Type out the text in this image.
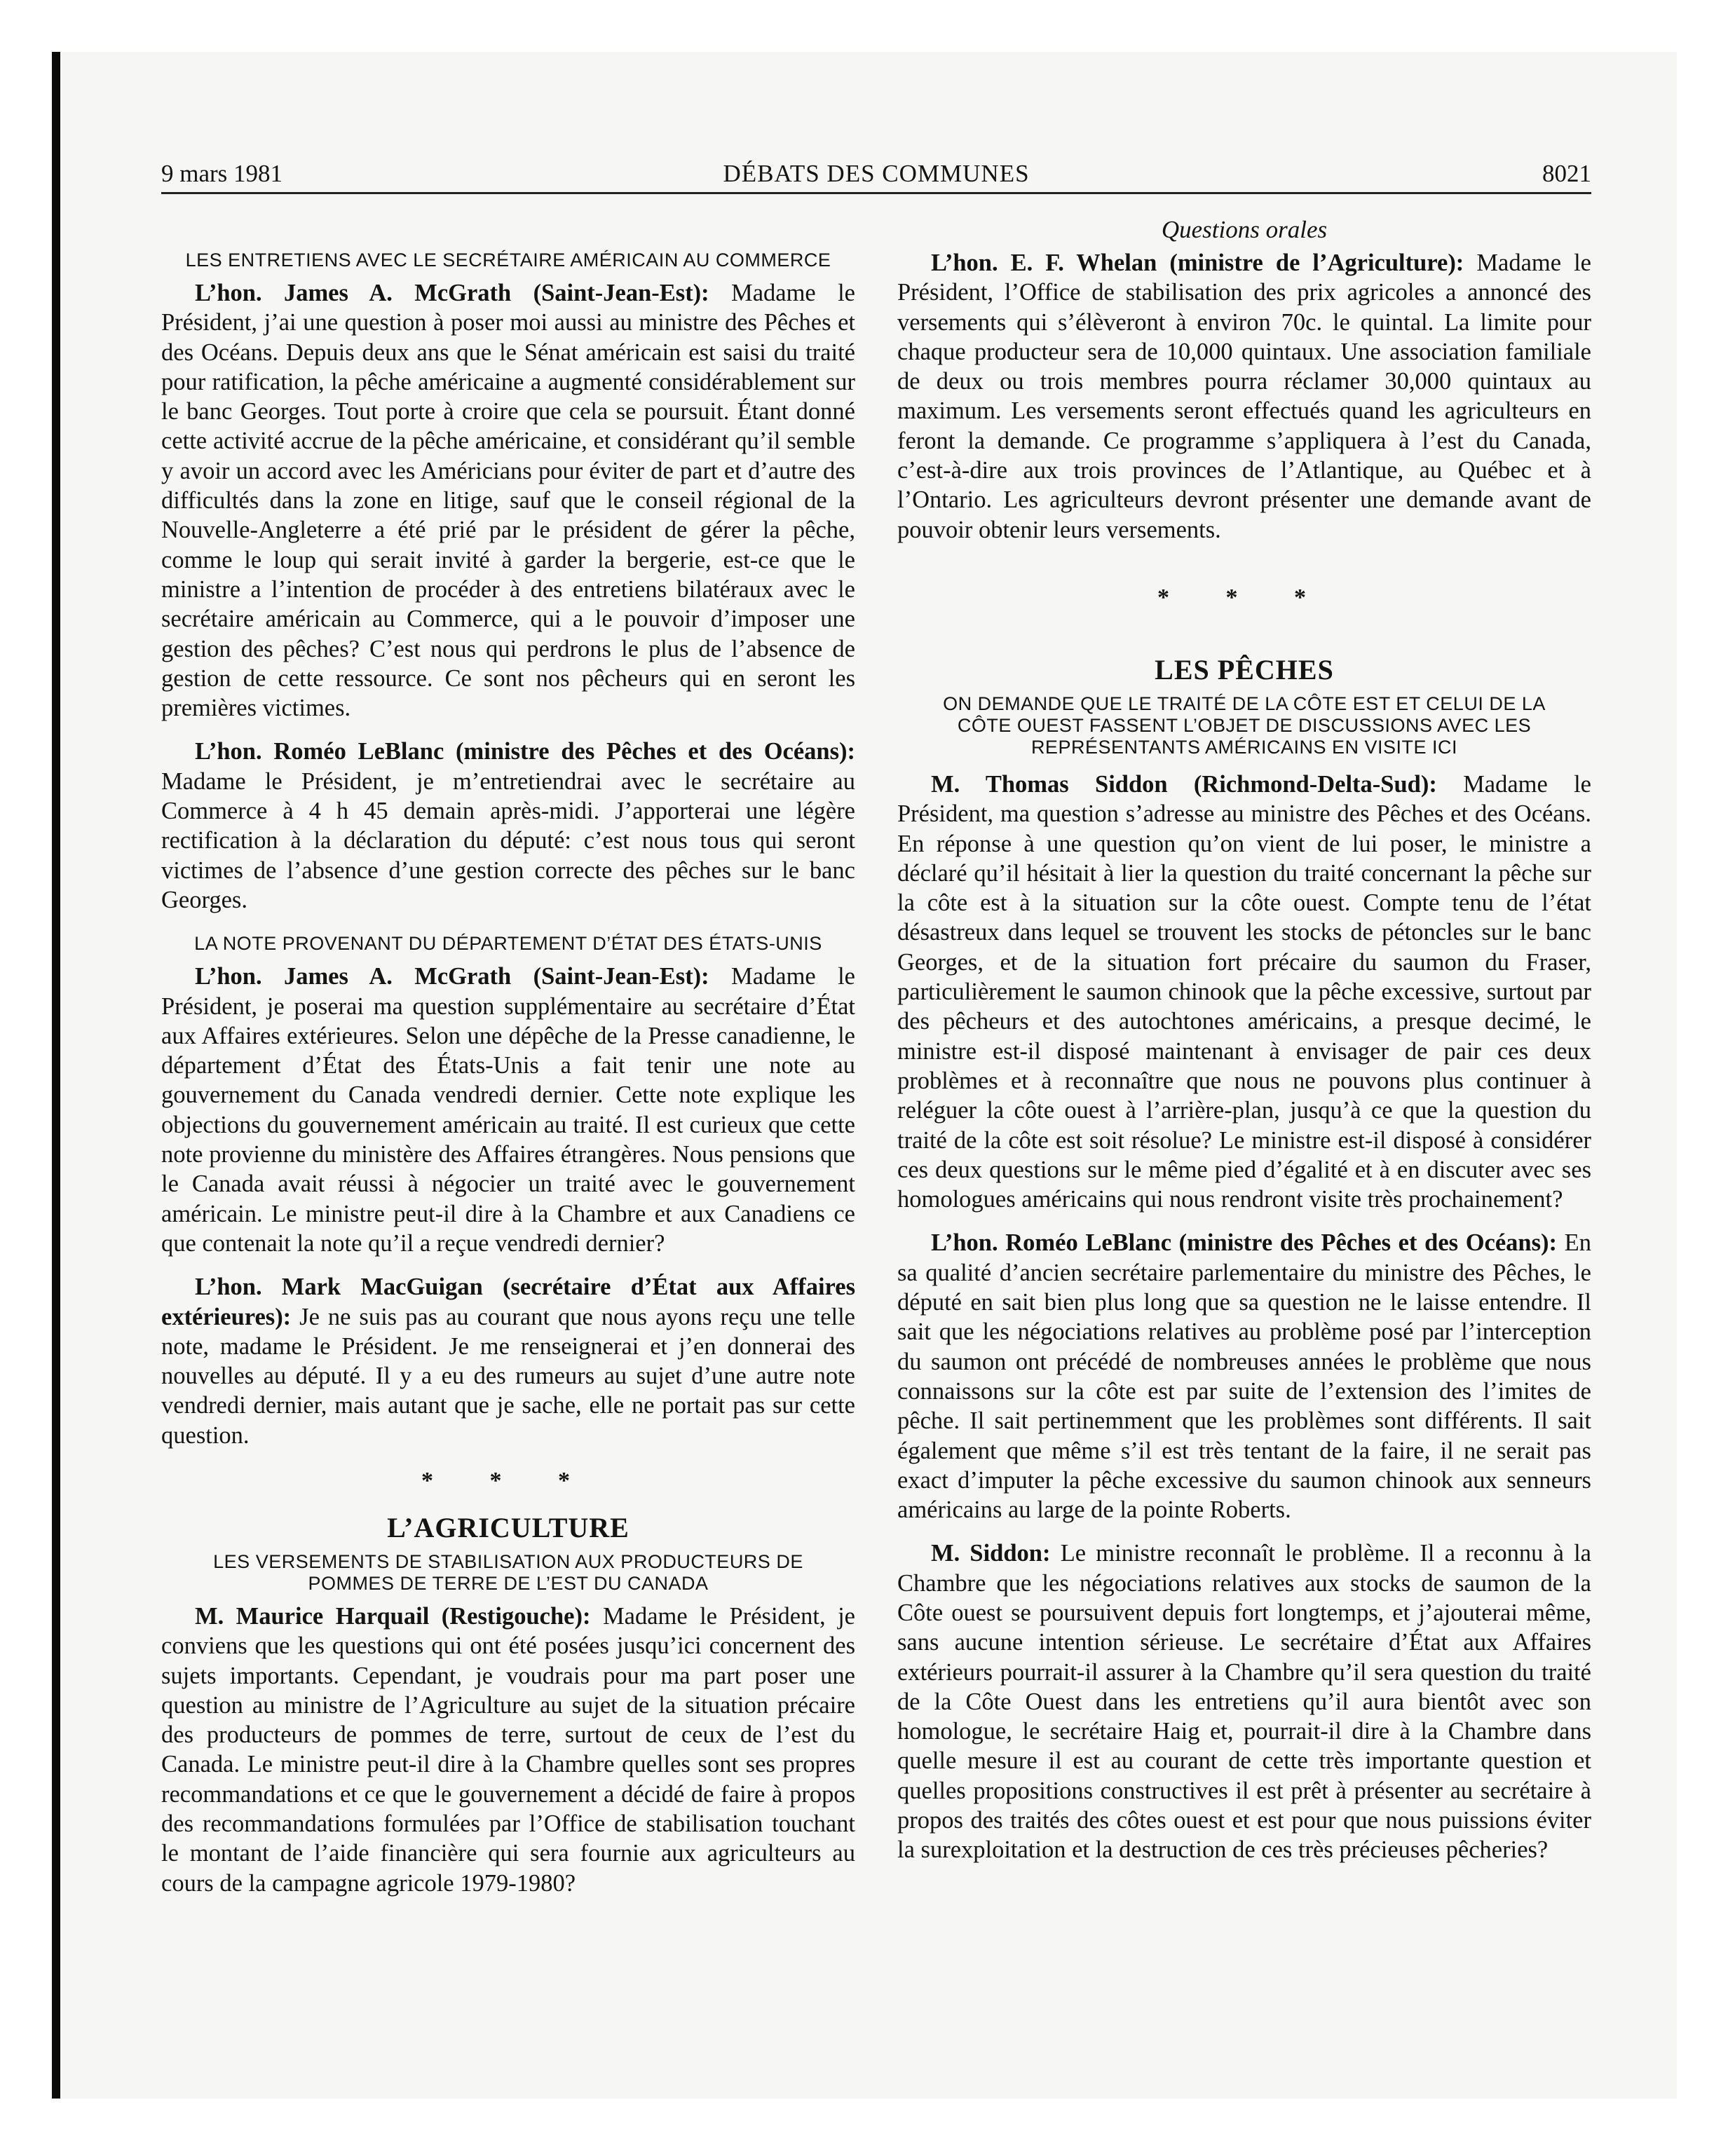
9 mars 1981	DÉBATS DES COMMUNES	8021
LES ENTRETIENS AVEC LE SECRÉTAIRE AMÉRICAIN AU COMMERCE

L’hon. James A. McGrath (Saint-Jean-Est): Madame le Président, j’ai une question à poser moi aussi au ministre des Pêches et des Océans. Depuis deux ans que le Sénat américain est saisi du traité pour ratification, la pêche américaine a augmenté considérablement sur le banc Georges. Tout porte à croire que cela se poursuit. Étant donné cette activité accrue de la pêche américaine, et considérant qu’il semble y avoir un accord avec les Américians pour éviter de part et d’autre des difficultés dans la zone en litige, sauf que le conseil régional de la Nouvelle-Angleterre a été prié par le président de gérer la pêche, comme le loup qui serait invité à garder la bergerie, est-ce que le ministre a l’intention de procéder à des entretiens bilatéraux avec le secrétaire américain au Commerce, qui a le pouvoir d’imposer une gestion des pêches? C’est nous qui perdrons le plus de l’absence de gestion de cette ressource. Ce sont nos pêcheurs qui en seront les premières victimes.

L’hon. Roméo LeBlanc (ministre des Pêches et des Océans): Madame le Président, je m’entretiendrai avec le secrétaire au Commerce à 4 h 45 demain après-midi. J’apporterai une légère rectification à la déclaration du député: c’est nous tous qui seront victimes de l’absence d’une gestion correcte des pêches sur le banc Georges.

LA NOTE PROVENANT DU DÉPARTEMENT D’ÉTAT DES ÉTATS-UNIS

L’hon. James A. McGrath (Saint-Jean-Est): Madame le Président, je poserai ma question supplémentaire au secrétaire d’État aux Affaires extérieures. Selon une dépêche de la Presse canadienne, le département d’État des États-Unis a fait tenir une note au gouvernement du Canada vendredi dernier. Cette note explique les objections du gouvernement américain au traité. Il est curieux que cette note provienne du ministère des Affaires étrangères. Nous pensions que le Canada avait réussi à négocier un traité avec le gouvernement américain. Le ministre peut-il dire à la Chambre et aux Canadiens ce que contenait la note qu’il a reçue vendredi dernier?

L’hon. Mark MacGuigan (secrétaire d’État aux Affaires extérieures): Je ne suis pas au courant que nous ayons reçu une telle note, madame le Président. Je me renseignerai et j’en donnerai des nouvelles au député. Il y a eu des rumeurs au sujet d’une autre note vendredi dernier, mais autant que je sache, elle ne portait pas sur cette question.

* * *
L’AGRICULTURE
LES VERSEMENTS DE STABILISATION AUX PRODUCTEURS DE POMMES DE TERRE DE L’EST DU CANADA

M. Maurice Harquail (Restigouche): Madame le Président, je conviens que les questions qui ont été posées jusqu’ici concernent des sujets importants. Cependant, je voudrais pour ma part poser une question au ministre de l’Agriculture au sujet de la situation précaire des producteurs de pommes de terre, surtout de ceux de l’est du Canada. Le ministre peut-il dire à la Chambre quelles sont ses propres recommandations et ce que le gouvernement a décidé de faire à propos des recommandations formulées par l’Office de stabilisation touchant le montant de l’aide financière qui sera fournie aux agriculteurs au cours de la campagne agricole 1979-1980?

Questions orales

L’hon. E. F. Whelan (ministre de l’Agriculture): Madame le Président, l’Office de stabilisation des prix agricoles a annoncé des versements qui s’élèveront à environ 70c. le quintal. La limite pour chaque producteur sera de 10,000 quintaux. Une association familiale de deux ou trois membres pourra réclamer 30,000 quintaux au maximum. Les versements seront effectués quand les agriculteurs en feront la demande. Ce programme s’appliquera à l’est du Canada, c’est-à-dire aux trois provinces de l’Atlantique, au Québec et à l’Ontario. Les agriculteurs devront présenter une demande avant de pouvoir obtenir leurs versements.

* * *
LES PÊCHES
ON DEMANDE QUE LE TRAITÉ DE LA CÔTE EST ET CELUI DE LA CÔTE OUEST FASSENT L’OBJET DE DISCUSSIONS AVEC LES REPRÉSENTANTS AMÉRICAINS EN VISITE ICI

M. Thomas Siddon (Richmond-Delta-Sud): Madame le Président, ma question s’adresse au ministre des Pêches et des Océans. En réponse à une question qu’on vient de lui poser, le ministre a déclaré qu’il hésitait à lier la question du traité concernant la pêche sur la côte est à la situation sur la côte ouest. Compte tenu de l’état désastreux dans lequel se trouvent les stocks de pétoncles sur le banc Georges, et de la situation fort précaire du saumon du Fraser, particulièrement le saumon chinook que la pêche excessive, surtout par des pêcheurs et des autochtones américains, a presque decimé, le ministre est-il disposé maintenant à envisager de pair ces deux problèmes et à reconnaître que nous ne pouvons plus continuer à reléguer la côte ouest à l’arrière-plan, jusqu’à ce que la question du traité de la côte est soit résolue? Le ministre est-il disposé à considérer ces deux questions sur le même pied d’égalité et à en discuter avec ses homologues américains qui nous rendront visite très prochainement?

L’hon. Roméo LeBlanc (ministre des Pêches et des Océans): En sa qualité d’ancien secrétaire parlementaire du ministre des Pêches, le député en sait bien plus long que sa question ne le laisse entendre. Il sait que les négociations relatives au problème posé par l’interception du saumon ont précédé de nombreuses années le problème que nous connaissons sur la côte est par suite de l’extension des l’imites de pêche. Il sait pertinemment que les problèmes sont différents. Il sait également que même s’il est très tentant de la faire, il ne serait pas exact d’imputer la pêche excessive du saumon chinook aux senneurs américains au large de la pointe Roberts.

M. Siddon: Le ministre reconnaît le problème. Il a reconnu à la Chambre que les négociations relatives aux stocks de saumon de la Côte ouest se poursuivent depuis fort longtemps, et j’ajouterai même, sans aucune intention sérieuse. Le secrétaire d’État aux Affaires extérieurs pourrait-il assurer à la Chambre qu’il sera question du traité de la Côte Ouest dans les entretiens qu’il aura bientôt avec son homologue, le secrétaire Haig et, pourrait-il dire à la Chambre dans quelle mesure il est au courant de cette très importante question et quelles propositions constructives il est prêt à présenter au secrétaire à propos des traités des côtes ouest et est pour que nous puissions éviter la surexploitation et la destruction de ces très précieuses pêcheries?
